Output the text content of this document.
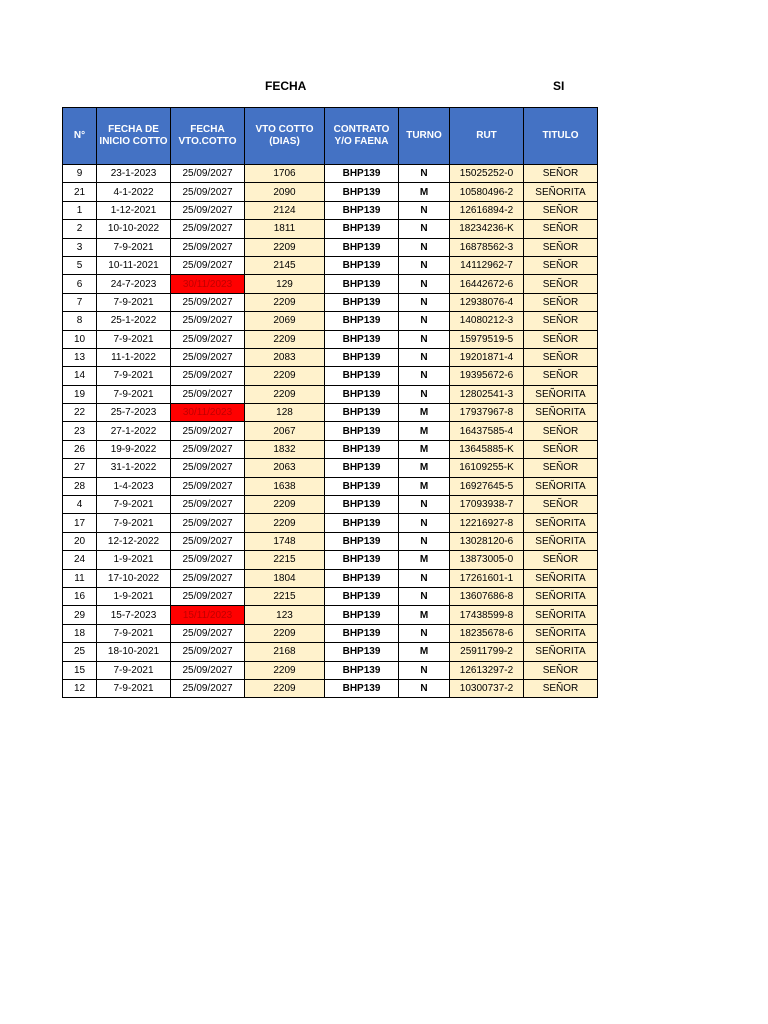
FECHA	SI
N°	FECHA DE INICIO COTTO	FECHA VTO.COTTO	VTO COTTO (DIAS)	CONTRATO Y/O FAENA	TURNO	RUT	TITULO
9	23-1-2023	25/09/2027	1706	BHP139	N	15025252-0	SEÑOR
21	4-1-2022	25/09/2027	2090	BHP139	M	10580496-2	SEÑORITA
1	1-12-2021	25/09/2027	2124	BHP139	N	12616894-2	SEÑOR
2	10-10-2022	25/09/2027	1811	BHP139	N	18234236-K	SEÑOR
3	7-9-2021	25/09/2027	2209	BHP139	N	16878562-3	SEÑOR
5	10-11-2021	25/09/2027	2145	BHP139	N	14112962-7	SEÑOR
6	24-7-2023	30/11/2023	129	BHP139	N	16442672-6	SEÑOR
7	7-9-2021	25/09/2027	2209	BHP139	N	12938076-4	SEÑOR
8	25-1-2022	25/09/2027	2069	BHP139	N	14080212-3	SEÑOR
10	7-9-2021	25/09/2027	2209	BHP139	N	15979519-5	SEÑOR
13	11-1-2022	25/09/2027	2083	BHP139	N	19201871-4	SEÑOR
14	7-9-2021	25/09/2027	2209	BHP139	N	19395672-6	SEÑOR
19	7-9-2021	25/09/2027	2209	BHP139	N	12802541-3	SEÑORITA
22	25-7-2023	30/11/2023	128	BHP139	M	17937967-8	SEÑORITA
23	27-1-2022	25/09/2027	2067	BHP139	M	16437585-4	SEÑOR
26	19-9-2022	25/09/2027	1832	BHP139	M	13645885-K	SEÑOR
27	31-1-2022	25/09/2027	2063	BHP139	M	16109255-K	SEÑOR
28	1-4-2023	25/09/2027	1638	BHP139	M	16927645-5	SEÑORITA
4	7-9-2021	25/09/2027	2209	BHP139	N	17093938-7	SEÑOR
17	7-9-2021	25/09/2027	2209	BHP139	N	12216927-8	SEÑORITA
20	12-12-2022	25/09/2027	1748	BHP139	N	13028120-6	SEÑORITA
24	1-9-2021	25/09/2027	2215	BHP139	M	13873005-0	SEÑOR
11	17-10-2022	25/09/2027	1804	BHP139	N	17261601-1	SEÑORITA
16	1-9-2021	25/09/2027	2215	BHP139	N	13607686-8	SEÑORITA
29	15-7-2023	15/11/2023	123	BHP139	M	17438599-8	SEÑORITA
18	7-9-2021	25/09/2027	2209	BHP139	N	18235678-6	SEÑORITA
25	18-10-2021	25/09/2027	2168	BHP139	M	25911799-2	SEÑORITA
15	7-9-2021	25/09/2027	2209	BHP139	N	12613297-2	SEÑOR
12	7-9-2021	25/09/2027	2209	BHP139	N	10300737-2	SEÑOR
